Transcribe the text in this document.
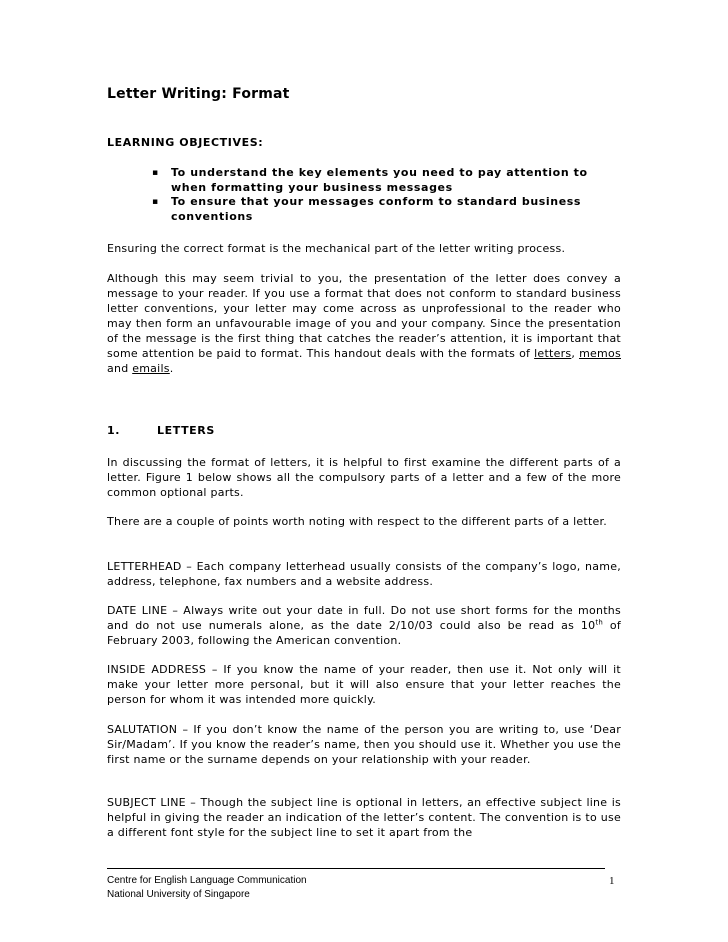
Letter Writing: Format
LEARNING OBJECTIVES:
▪ To understand the key elements you need to pay attention to when formatting your business messages
▪ To ensure that your messages conform to standard business conventions
Ensuring the correct format is the mechanical part of the letter writing process.
Although this may seem trivial to you, the presentation of the letter does convey a message to your reader. If you use a format that does not conform to standard business letter conventions, your letter may come across as unprofessional to the reader who may then form an unfavourable image of you and your company. Since the presentation of the message is the first thing that catches the reader’s attention, it is important that some attention be paid to format. This handout deals with the formats of letters, memos and emails.
1.	LETTERS
In discussing the format of letters, it is helpful to first examine the different parts of a letter. Figure 1 below shows all the compulsory parts of a letter and a few of the more common optional parts.
There are a couple of points worth noting with respect to the different parts of a letter.
LETTERHEAD – Each company letterhead usually consists of the company’s logo, name, address, telephone, fax numbers and a website address.
DATE LINE – Always write out your date in full. Do not use short forms for the months and do not use numerals alone, as the date 2/10/03 could also be read as 10th of February 2003, following the American convention.
INSIDE ADDRESS – If you know the name of your reader, then use it. Not only will it make your letter more personal, but it will also ensure that your letter reaches the person for whom it was intended more quickly.
SALUTATION – If you don’t know the name of the person you are writing to, use ‘Dear Sir/Madam’. If you know the reader’s name, then you should use it. Whether you use the first name or the surname depends on your relationship with your reader.
SUBJECT LINE – Though the subject line is optional in letters, an effective subject line is helpful in giving the reader an indication of the letter’s content. The convention is to use a different font style for the subject line to set it apart from the
Centre for English Language Communication
National University of Singapore
1
